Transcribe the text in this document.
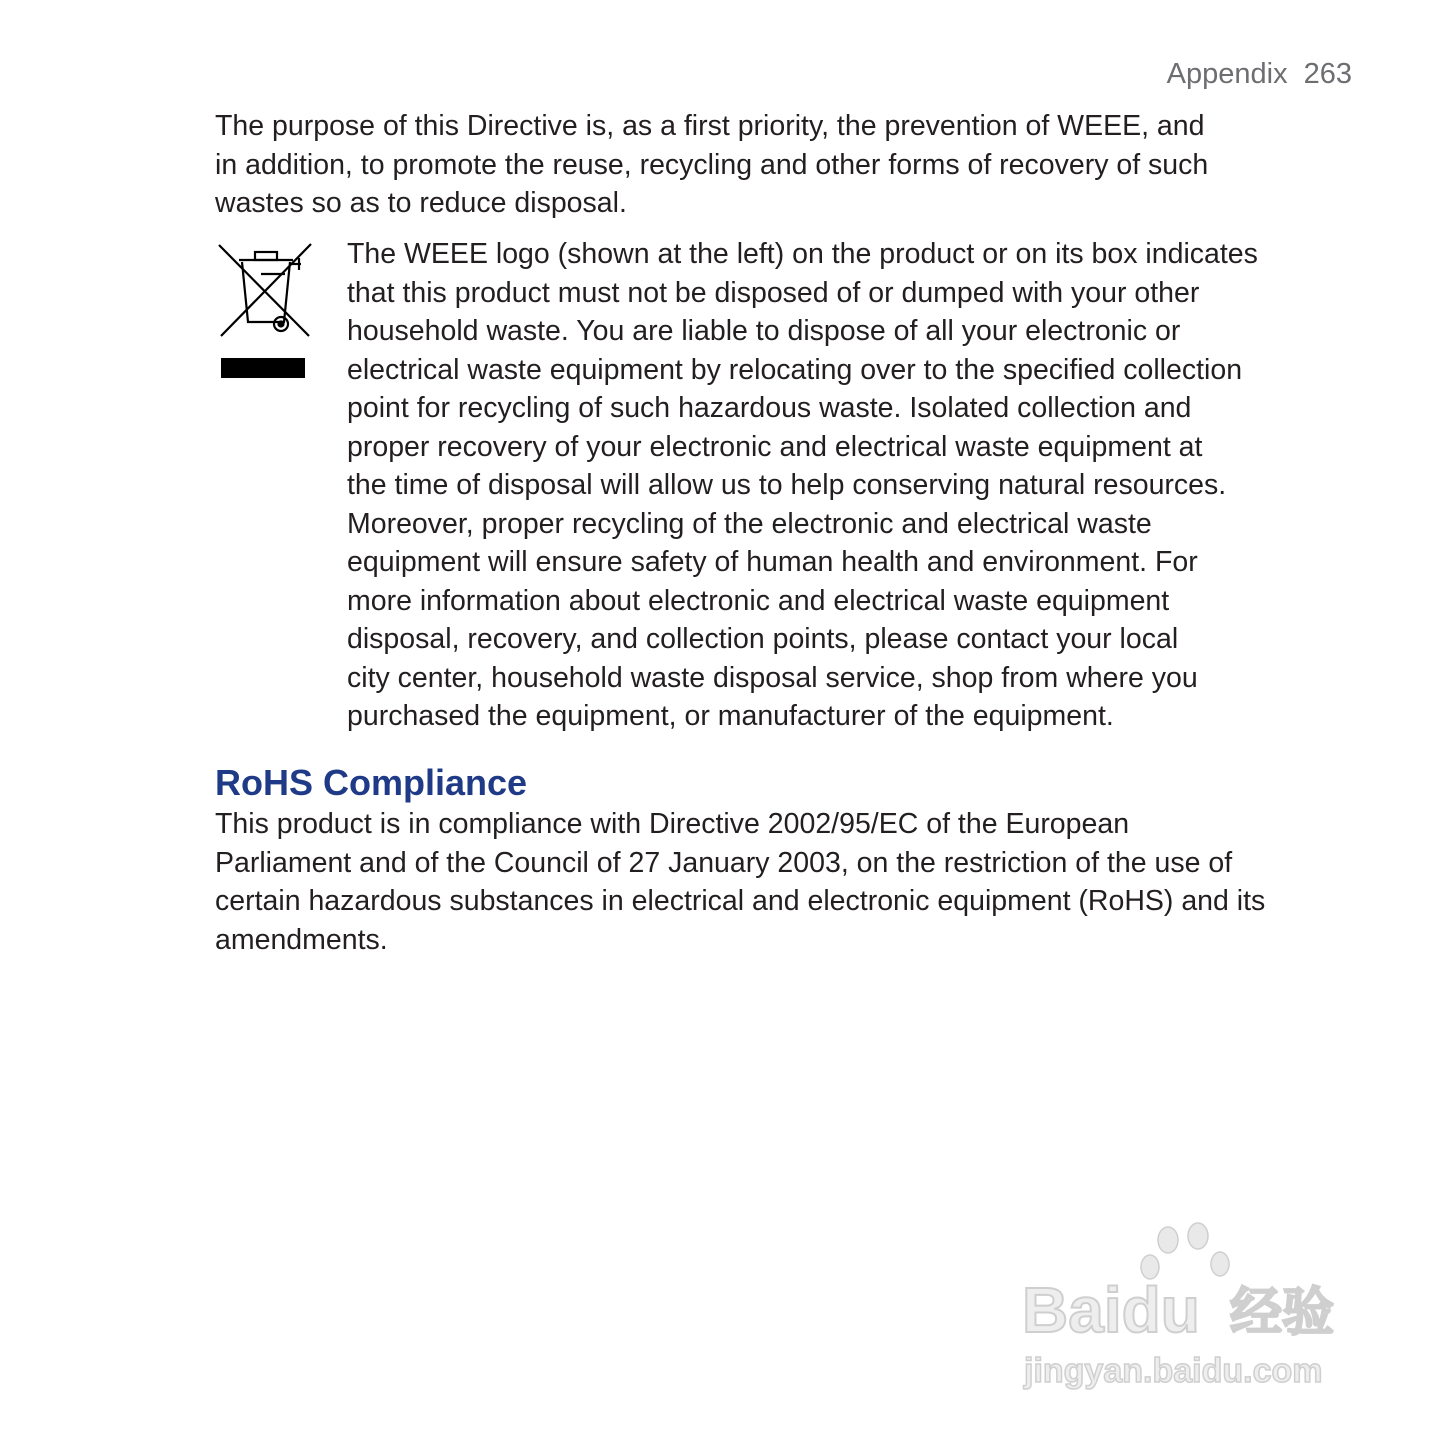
Appendix 263

The purpose of this Directive is, as a first priority, the prevention of WEEE, and
in addition, to promote the reuse, recycling and other forms of recovery of such
wastes so as to reduce disposal.

The WEEE logo (shown at the left) on the product or on its box indicates
that this product must not be disposed of or dumped with your other
household waste. You are liable to dispose of all your electronic or
electrical waste equipment by relocating over to the specified collection
point for recycling of such hazardous waste. Isolated collection and
proper recovery of your electronic and electrical waste equipment at
the time of disposal will allow us to help conserving natural resources.
Moreover, proper recycling of the electronic and electrical waste
equipment will ensure safety of human health and environment. For
more information about electronic and electrical waste equipment
disposal, recovery, and collection points, please contact your local
city center, household waste disposal service, shop from where you
purchased the equipment, or manufacturer of the equipment.

RoHS Compliance

This product is in compliance with Directive 2002/95/EC of the European
Parliament and of the Council of 27 January 2003, on the restriction of the use of
certain hazardous substances in electrical and electronic equipment (RoHS) and its
amendments.

Baidu 经验
jingyan.baidu.com
